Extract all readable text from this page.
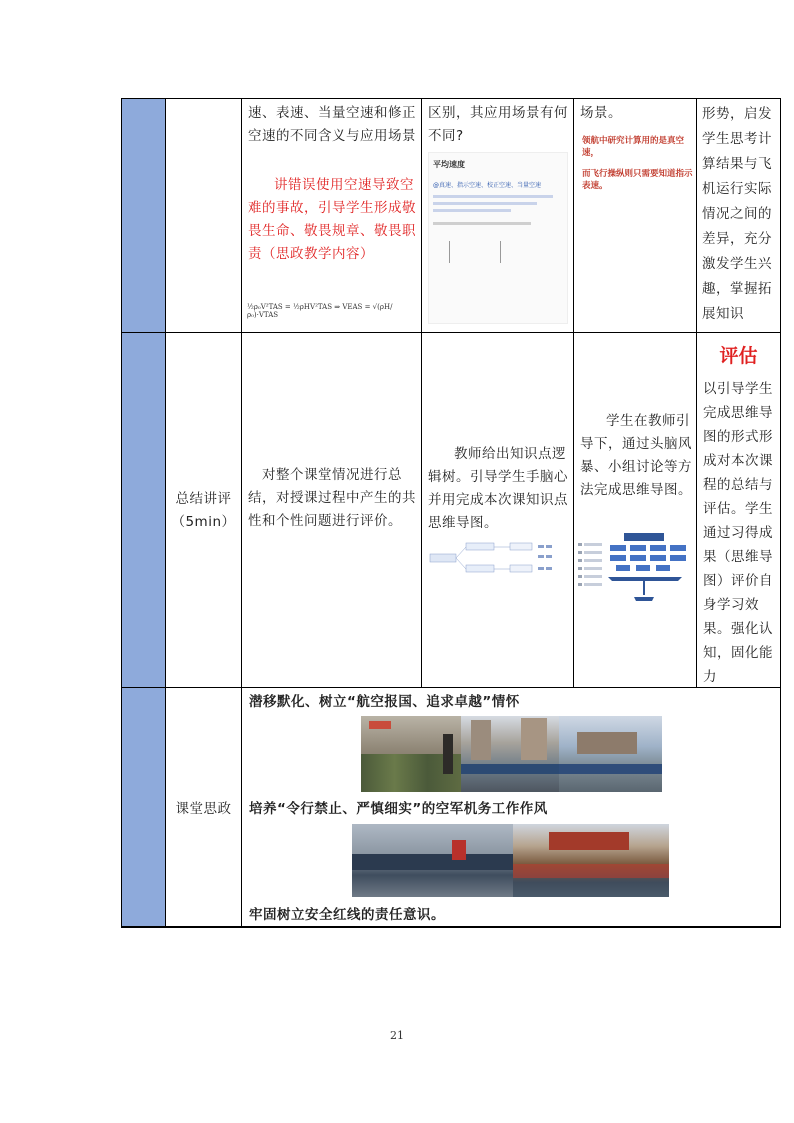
速、表速、当量空速和修正空速的不同含义与应用场景
讲错误使用空速导致空难的事故，引导学生形成敬畏生命、敬畏规章、敬畏职责（思政教学内容）
½ρ₀V²TAS = ½ρHV²TAS ⇒ VEAS = √(ρH/ρ₀)·VTAS
区别，其应用场景有何不同?
平均速度
@真速、指示空速、校正空速、当量空速
场景。
领航中研究计算用的是真空速，
而飞行操纵则只需要知道指示表速。
形势，启发学生思考计算结果与飞机运行实际情况之间的差异，充分激发学生兴趣，掌握拓展知识
总结讲评
（5min）
对整个课堂情况进行总结，对授课过程中产生的共性和个性问题进行评价。
教师给出知识点逻辑树。引导学生手脑心并用完成本次课知识点思维导图。
学生在教师引导下，通过头脑风暴、小组讨论等方法完成思维导图。
评估
以引导学生完成思维导图的形式形成对本次课程的总结与评估。学生通过习得成果（思维导图）评价自身学习效果。强化认知，固化能力
课堂思政
潜移默化、树立“航空报国、追求卓越”情怀
培养“令行禁止、严慎细实”的空军机务工作作风
牢固树立安全红线的责任意识。
21
